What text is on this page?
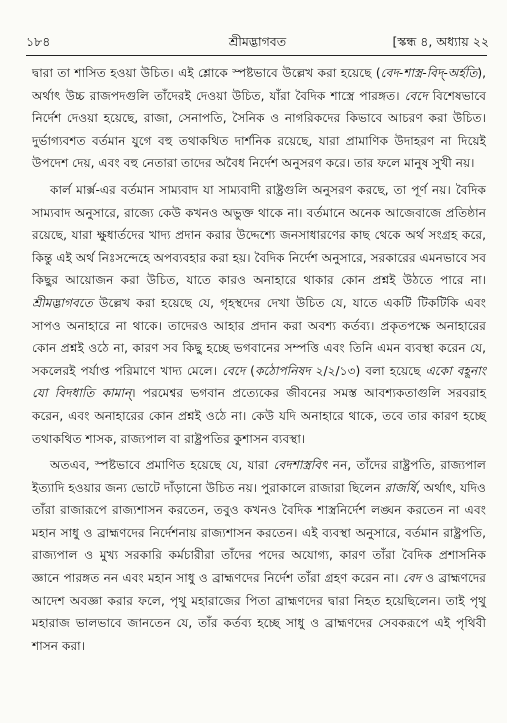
১৮৪	শ্রীমদ্ভাগবত	[স্কন্ধ ৪, অধ্যায় ২২

দ্বারা তা শাসিত হওয়া উচিত। এই শ্লোকে স্পষ্টভাবে উল্লেখ করা হয়েছে (বেদ-শাস্ত্র-বিদ্‌-অর্হতি), অর্থাৎ উচ্চ রাজপদগুলি তাঁদেরই দেওয়া উচিত, যাঁরা বৈদিক শাস্ত্রে পারঙ্গত। বেদে বিশেষভাবে নির্দেশ দেওয়া হয়েছে, রাজা, সেনাপতি, সৈনিক ও নাগরিকদের কিভাবে আচরণ করা উচিত। দুর্ভাগ্যবশত বর্তমান যুগে বহু তথাকথিত দার্শনিক রয়েছে, যারা প্রামাণিক উদাহরণ না দিয়েই উপদেশ দেয়, এবং বহু নেতারা তাদের অবৈধ নির্দেশ অনুসরণ করে। তার ফলে মানুষ সুখী নয়।

কার্ল মার্ক্স-এর বর্তমান সাম্যবাদ যা সাম্যবাদী রাষ্ট্রগুলি অনুসরণ করছে, তা পূর্ণ নয়। বৈদিক সাম্যবাদ অনুসারে, রাজ্যে কেউ কখনও অভুক্ত থাকে না। বর্তমানে অনেক আজেবাজে প্রতিষ্ঠান রয়েছে, যারা ক্ষুধার্তদের খাদ্য প্রদান করার উদ্দেশ্যে জনসাধারণের কাছ থেকে অর্থ সংগ্রহ করে, কিন্তু এই অর্থ নিঃসন্দেহে অপব্যবহার করা হয়। বৈদিক নির্দেশ অনুসারে, সরকারের এমনভাবে সব কিছুর আয়োজন করা উচিত, যাতে কারও অনাহারে থাকার কোন প্রশ্নই উঠতে পারে না। শ্রীমদ্ভাগবতে উল্লেখ করা হয়েছে যে, গৃহস্থদের দেখা উচিত যে, যাতে একটি টিকটিকি এবং সাপও অনাহারে না থাকে। তাদেরও আহার প্রদান করা অবশ্য কর্তব্য। প্রকৃতপক্ষে অনাহারের কোন প্রশ্নই ওঠে না, কারণ সব কিছু হচ্ছে ভগবানের সম্পত্তি এবং তিনি এমন ব্যবস্থা করেন যে, সকলেরই পর্যাপ্ত পরিমাণে খাদ্য মেলে। বেদে (কঠোপনিষদ ২/২/১৩) বলা হয়েছে একো বহূনাং যো বিদধাতি কামান্‌। পরমেশ্বর ভগবান প্রত্যেকের জীবনের সমস্ত আবশ্যকতাগুলি সরবরাহ করেন, এবং অনাহারের কোন প্রশ্নই ওঠে না। কেউ যদি অনাহারে থাকে, তবে তার কারণ হচ্ছে তথাকথিত শাসক, রাজ্যপাল বা রাষ্ট্রপতির কুশাসন ব্যবস্থা।

অতএব, স্পষ্টভাবে প্রমাণিত হয়েছে যে, যারা বেদশাস্ত্রবিৎ নন, তাঁদের রাষ্ট্রপতি, রাজ্যপাল ইত্যাদি হওয়ার জন্য ভোটে দাঁড়ানো উচিত নয়। পুরাকালে রাজারা ছিলেন রাজর্ষি, অর্থাৎ, যদিও তাঁরা রাজারূপে রাজ্যশাসন করতেন, তবুও কখনও বৈদিক শাস্ত্রনির্দেশ লঙ্ঘন করতেন না এবং মহান সাধু ও ব্রাহ্মণদের নির্দেশনায় রাজ্যশাসন করতেন। এই ব্যবস্থা অনুসারে, বর্তমান রাষ্ট্রপতি, রাজ্যপাল ও মুখ্য সরকারি কর্মচারীরা তাঁদের পদের অযোগ্য, কারণ তাঁরা বৈদিক প্রশাসনিক জ্ঞানে পারঙ্গত নন এবং মহান সাধু ও ব্রাহ্মণদের নির্দেশ তাঁরা গ্রহণ করেন না। বেদ ও ব্রাহ্মণদের আদেশ অবজ্ঞা করার ফলে, পৃথু মহারাজের পিতা ব্রাহ্মণদের দ্বারা নিহত হয়েছিলেন। তাই পৃথু মহারাজ ভালভাবে জানতেন যে, তাঁর কর্তব্য হচ্ছে সাধু ও ব্রাহ্মণদের সেবকরূপে এই পৃথিবী শাসন করা।
